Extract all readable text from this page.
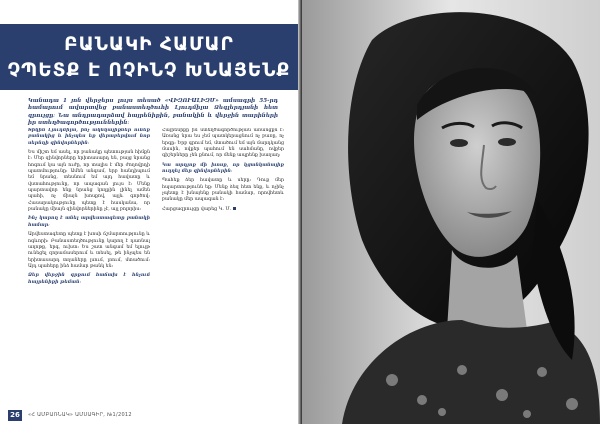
ԲԱՆԱԿԻ ՀԱՄԱՐ
ՉՊԵՏՔ Է ՈՉԻՆՉ ԽՆԱՅԵՆՔ
Կանադա 1 յոն վերջերս լույս տեսած «ՎԻԶՈՒԱԼԻԶՄ» ամսագրի 55-րդ համարում ավարտվեց բանաստեղծուհի Լյուդմիլա Ձեգլերդյանի հետ զրույցը։ Նա անդրադարձավ հայրենիքին, բանակին և վերջին տարիների իր ստեղծագործություններին։

Տիկին Լյուդմիլա, ինչ ակնկալիքներ ունեք բանակից և ինչպես եք վերաբերվում նոր սերնդի զինվորներին։

Ես միշտ եմ ասել, որ բանակը պետության հիմքն է։ Մեր զինվորները երիտասարդ են, բայց նրանց հոգում կա այն ուժը, որ տալիս է մեր ժողովրդի պատմությունը։ Ամեն անգամ, երբ հանդիպում եմ նրանց, տեսնում եմ այդ հավատը և վստահությունը, որ ապագան լույս է։ Մենք պարտավոր ենք նրանց կողքին լինել ամեն պահի, ոչ միայն խոսքով, այլև գործով։ Հասարակությունը պետք է հասկանա, որ բանակը միայն զինվորներինը չէ, այլ բոլորիս։

Ինչ կարող է անել արվեստագետը բանակի համար։

Արվեստագետը պետք է խոսի ճշմարտությունը և ոգևորի։ Բանաստեղծությունը կարող է դառնալ աղոթք, երգ, ուխտ։ Ես շատ անգամ եմ ելույթ ունեցել զորամասերում և տեսել, թե ինչպես են երիտասարդ տղաները լսում, լռում, մտածում։ Այդ պահերը ինձ համար թանկ են։

Ձեր վերջին գրքում հաճախ է հնչում հայրենիքի թեման։

Հայրենիքը իմ ստեղծագործության առանցքն է։ Առանց նրա ես չեմ պատկերացնում ոչ բառը, ոչ երգը։ Երբ գրում եմ, մտածում եմ այն մարդկանց մասին, ովքեր պահում են սահմանը, ովքեր գիշերները չեն քնում, որ մենք ապրենք խաղաղ։

Կա արդյոք մի խոսք, որ կցանկանայիք ուղղել մեր զինվորներին։

Պահեք ձեր հավատը և սերը։ Դուք մեր հպարտությունն եք։ Մենք ձեզ հետ ենք, և ոչինչ չպետք է խնայենք բանակի համար, որովհետև բանակը մեր ապագան է։

Հարցազրույցը վարեց Կ. Մ.

26	«Հ ԱՄԲԱՌՆԱԿ» ԱՄՍԱԳԻՐ, №1/2012
